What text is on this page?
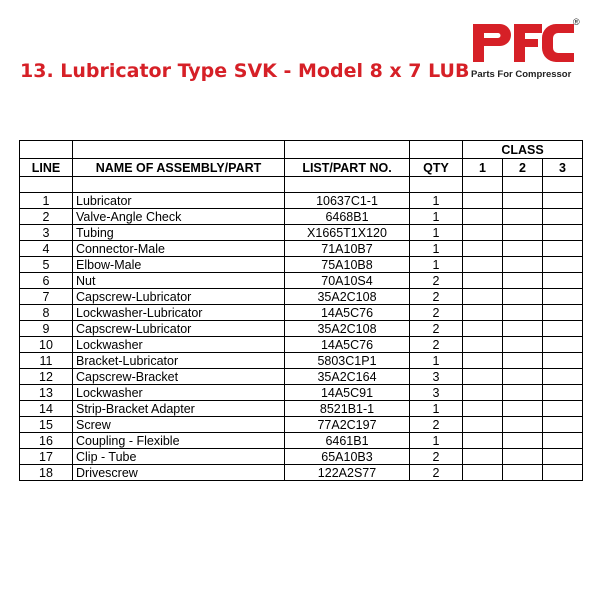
13. Lubricator Type SVK - Model 8 x 7 LUB
®
Parts For Compressor
				CLASS		
LINE	NAME OF ASSEMBLY/PART	LIST/PART NO.	QTY	1	2	3

1	Lubricator	10637C1-1	1			
2	Valve-Angle Check	6468B1	1			
3	Tubing	X1665T1X120	1			
4	Connector-Male	71A10B7	1			
5	Elbow-Male	75A10B8	1			
6	Nut	70A10S4	2			
7	Capscrew-Lubricator	35A2C108	2			
8	Lockwasher-Lubricator	14A5C76	2			
9	Capscrew-Lubricator	35A2C108	2			
10	Lockwasher	14A5C76	2			
11	Bracket-Lubricator	5803C1P1	1			
12	Capscrew-Bracket	35A2C164	3			
13	Lockwasher	14A5C91	3			
14	Strip-Bracket Adapter	8521B1-1	1			
15	Screw	77A2C197	2			
16	Coupling - Flexible	6461B1	1			
17	Clip - Tube	65A10B3	2			
18	Drivescrew	122A2S77	2			
